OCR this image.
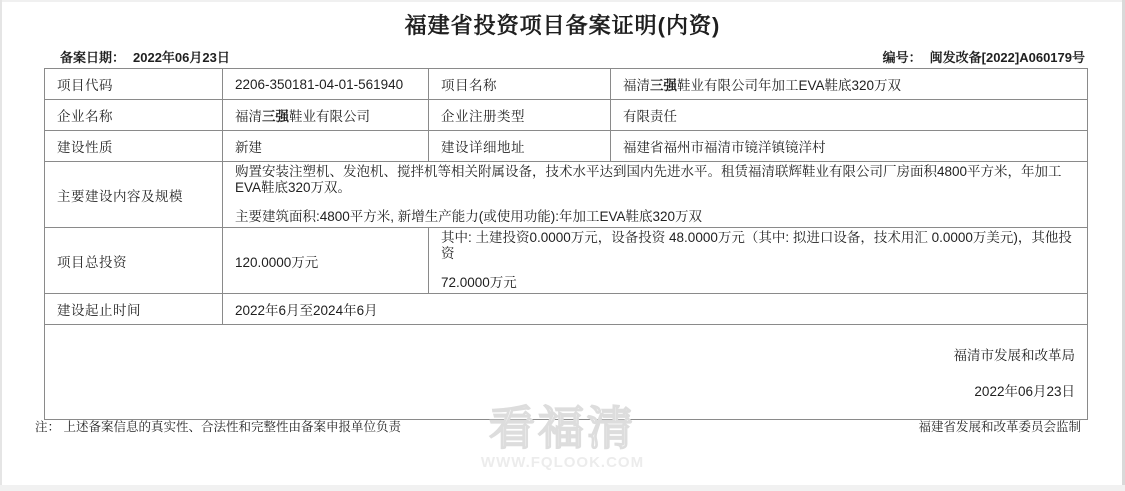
福建省投资项目备案证明(内资)
备案日期： 2022年06月23日	编号： 闽发改备[2022]A060179号
项目代码	2206-350181-04-01-561940	项目名称	福清三强鞋业有限公司年加工EVA鞋底320万双
企业名称	福清三强鞋业有限公司	企业注册类型	有限责任
建设性质	新建	建设详细地址	福建省福州市福清市镜洋镇镜洋村
主要建设内容及规模	购置安装注塑机、发泡机、搅拌机等相关附属设备，技术水平达到国内先进水平。租赁福清联辉鞋业有限公司厂房面积4800平方米，年加工EVA鞋底320万双。
主要建筑面积:4800平方米, 新增生产能力(或使用功能):年加工EVA鞋底320万双		

项目总投资	120.0000万元	其中: 土建投资0.0000万元，设备投资 48.0000万元（其中: 拟进口设备，技术用汇 0.0000万美元)，其他投资
72.0000万元	

建设起止时间	2022年6月至2024年6月		

福清市发展和改革局
2022年06月23日			
看福清
WWW.FQLOOK.COM
注： 上述备案信息的真实性、合法性和完整性由备案申报单位负责	福建省发展和改革委员会监制
